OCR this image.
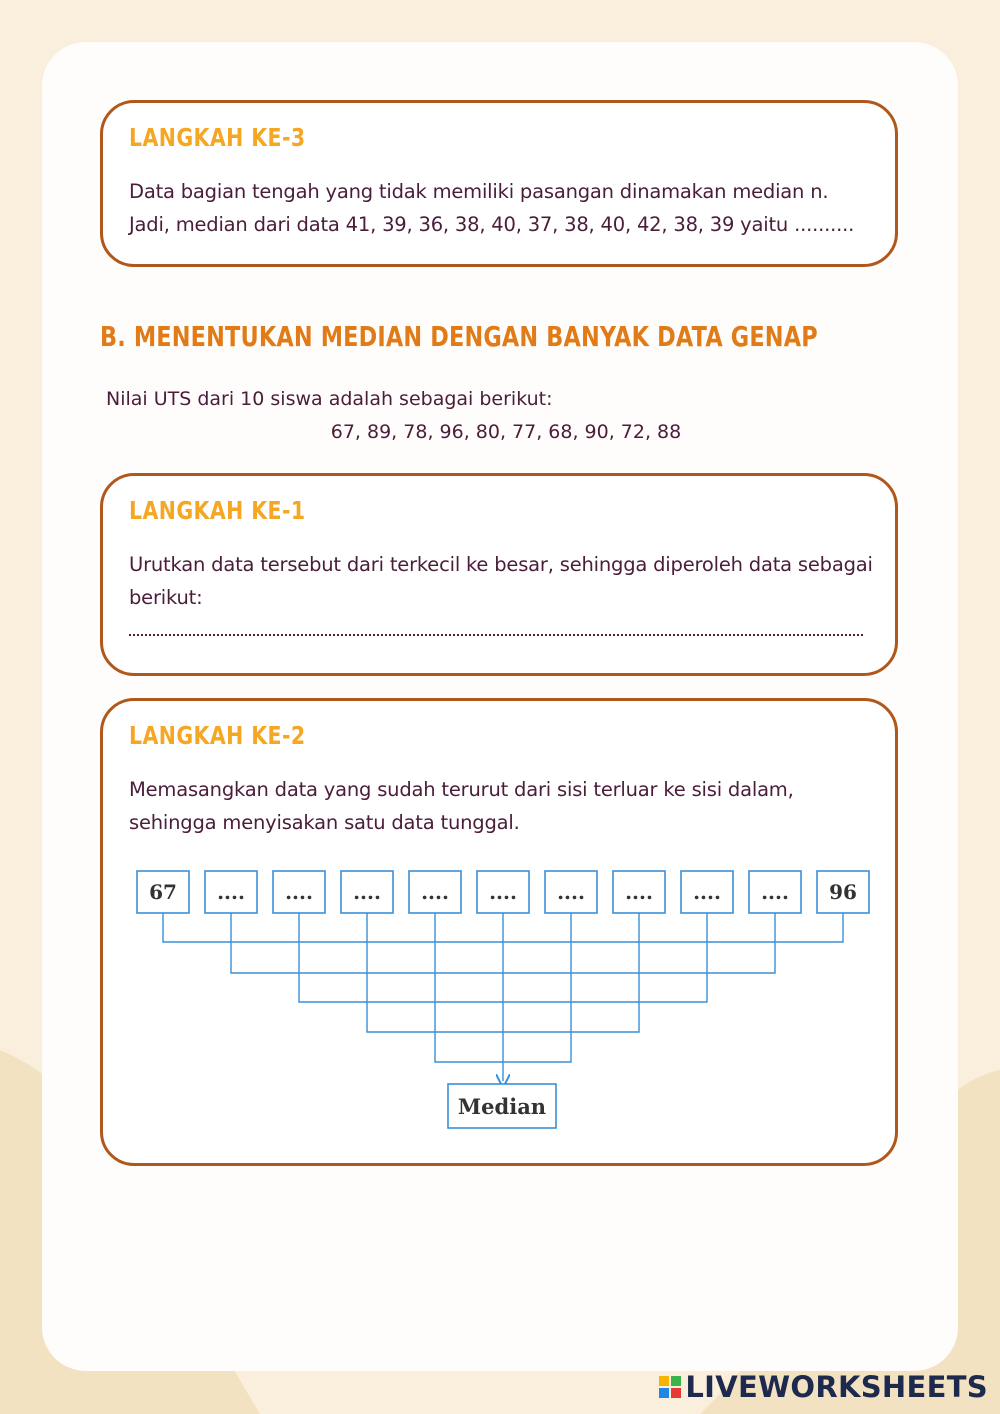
LANGKAH KE-3

Data bagian tengah yang tidak memiliki pasangan dinamakan median n. Jadi, median dari data 41, 39, 36, 38, 40, 37, 38, 40, 42, 38, 39 yaitu ..........

B. MENENTUKAN MEDIAN DENGAN BANYAK DATA GENAP

Nilai UTS dari 10 siswa adalah sebagai berikut:

67, 89, 78, 96, 80, 77, 68, 90, 72, 88

LANGKAH KE-1

Urutkan data tersebut dari terkecil ke besar, sehingga diperoleh data sebagai berikut:

LANGKAH KE-2

Memasangkan data yang sudah terurut dari sisi terluar ke sisi dalam, sehingga menyisakan satu data tunggal.

67 .... .... .... .... .... .... .... .... .... 96
Median
LIVEWORKSHEETS
